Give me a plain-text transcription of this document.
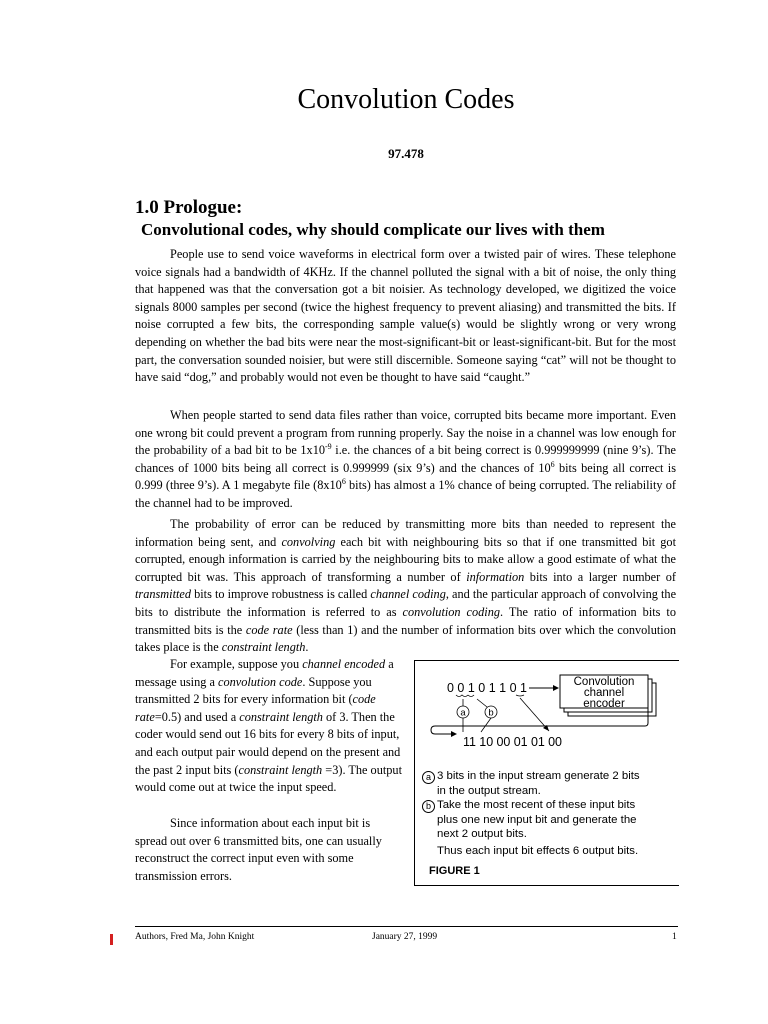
Convolution Codes
97.478
1.0 Prologue:
Convolutional codes, why should complicate our lives with them
People use to send voice waveforms in electrical form over a twisted pair of wires. These telephone voice signals had a bandwidth of 4KHz. If the channel polluted the signal with a bit of noise, the only thing that happened was that the conversation got a bit noisier. As technology developed, we digitized the voice signals 8000 samples per second (twice the highest frequency to prevent aliasing) and transmitted the bits. If noise corrupted a few bits, the corresponding sample value(s) would be slightly wrong or very wrong depending on whether the bad bits were near the most-significant-bit or least-significant-bit. But for the most part, the conversation sounded noisier, but were still discernible. Someone saying “cat” will not be thought to have said “dog,” and probably would not even be thought to have said “caught.”
When people started to send data files rather than voice, corrupted bits became more important. Even one wrong bit could prevent a program from running properly. Say the noise in a channel was low enough for the probability of a bad bit to be $1x10^{-9}$ i.e. the chances of a bit being correct is 0.999999999 (nine 9’s). The chances of 1000 bits being all correct is 0.999999 (six 9’s) and the chances of $10^6$ bits being all correct is 0.999 (three 9’s). A 1 megabyte file ($8x10^6$ bits) has almost a 1% chance of being corrupted. The reliability of the channel had to be improved.
The probability of error can be reduced by transmitting more bits than needed to represent the information being sent, and convolving each bit with neighbouring bits so that if one transmitted bit got corrupted, enough information is carried by the neighbouring bits to make allow a good estimate of what the corrupted bit was. This approach of transforming a number of information bits into a larger number of transmitted bits to improve robustness is called channel coding, and the particular approach of convolving the bits to distribute the information is referred to as convolution coding. The ratio of information bits to transmitted bits is the code rate (less than 1) and the number of information bits over which the convolution takes place is the constraint length.
For example, suppose you channel encoded a message using a convolution code. Suppose you transmitted 2 bits for every information bit (code rate=0.5) and used a constraint length of 3. Then the coder would send out 16 bits for every 8 bits of input, and each output pair would depend on the present and the past 2 input bits (constraint length =3). The output would come out at twice the input speed.
Since information about each input bit is spread out over 6 transmitted bits, one can usually reconstruct the correct input even with some transmission errors.
0 0 1 0 1 1 0 1	Convolution
channel
encoder
a b
11 10 00 01 01 00
a 3 bits in the input stream generate 2 bits
in the output stream.
b Take the most recent of these input bits
plus one new input bit and generate the
next 2 output bits.
Thus each input bit effects 6 output bits.
FIGURE 1
Authors, Fred Ma, John Knight	January 27, 1999	1
